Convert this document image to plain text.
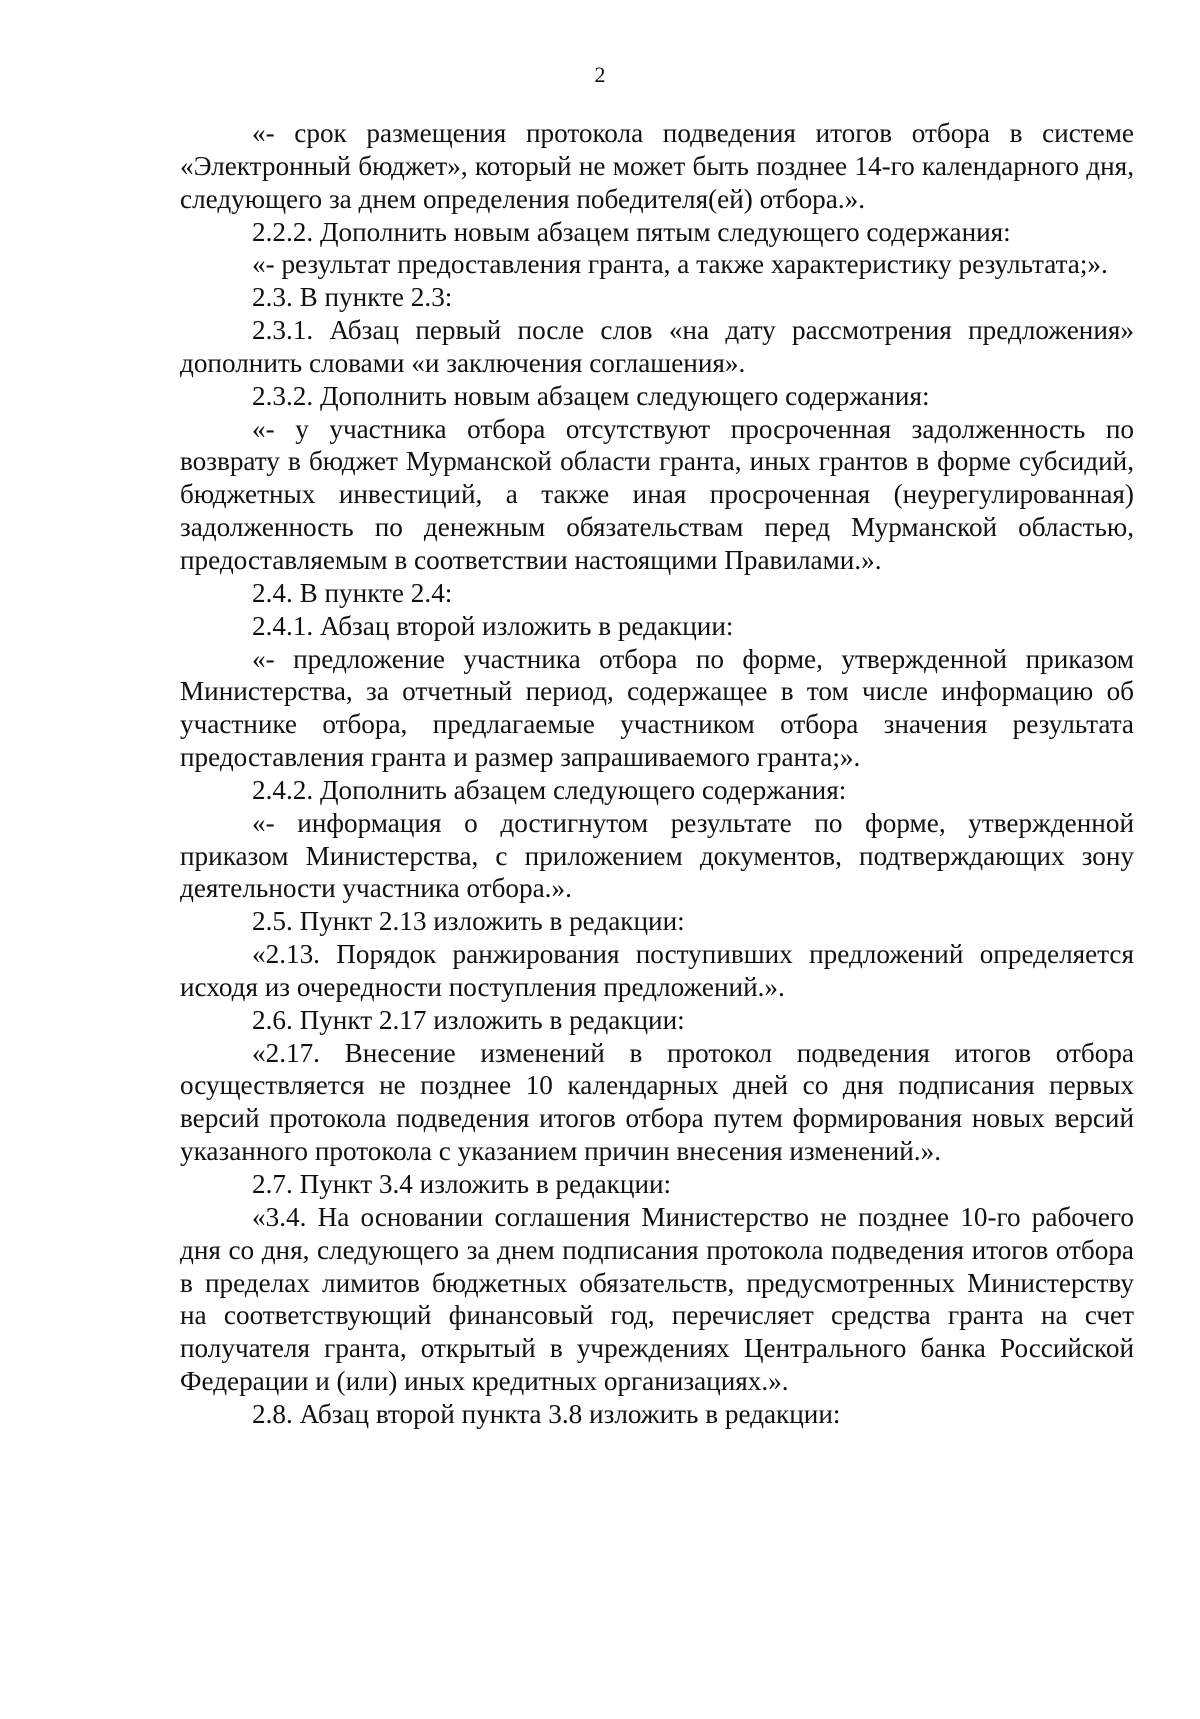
2

«- срок размещения протокола подведения итогов отбора в системе «Электронный бюджет», который не может быть позднее 14-го календарного дня, следующего за днем определения победителя(ей) отбора.».

2.2.2. Дополнить новым абзацем пятым следующего содержания:

«- результат предоставления гранта, а также характеристику результата;».

2.3. В пункте 2.3:

2.3.1. Абзац первый после слов «на дату рассмотрения предложения» дополнить словами «и заключения соглашения».

2.3.2. Дополнить новым абзацем следующего содержания:

«- у участника отбора отсутствуют просроченная задолженность по возврату в бюджет Мурманской области гранта, иных грантов в форме субсидий, бюджетных инвестиций, а также иная просроченная (неурегулированная) задолженность по денежным обязательствам перед Мурманской областью, предоставляемым в соответствии настоящими Правилами.».

2.4. В пункте 2.4:

2.4.1. Абзац второй изложить в редакции:

«- предложение участника отбора по форме, утвержденной приказом Министерства, за отчетный период, содержащее в том числе информацию об участнике отбора, предлагаемые участником отбора значения результата предоставления гранта и размер запрашиваемого гранта;».

2.4.2. Дополнить абзацем следующего содержания:

«- информация о достигнутом результате по форме, утвержденной приказом Министерства, с приложением документов, подтверждающих зону деятельности участника отбора.».

2.5. Пункт 2.13 изложить в редакции:

«2.13. Порядок ранжирования поступивших предложений определяется исходя из очередности поступления предложений.».

2.6. Пункт 2.17 изложить в редакции:

«2.17. Внесение изменений в протокол подведения итогов отбора осуществляется не позднее 10 календарных дней со дня подписания первых версий протокола подведения итогов отбора путем формирования новых версий указанного протокола с указанием причин внесения изменений.».

2.7. Пункт 3.4 изложить в редакции:

«3.4. На основании соглашения Министерство не позднее 10-го рабочего дня со дня, следующего за днем подписания протокола подведения итогов отбора в пределах лимитов бюджетных обязательств, предусмотренных Министерству на соответствующий финансовый год, перечисляет средства гранта на счет получателя гранта, открытый в учреждениях Центрального банка Российской Федерации и (или) иных кредитных организациях.».

2.8. Абзац второй пункта 3.8 изложить в редакции:
